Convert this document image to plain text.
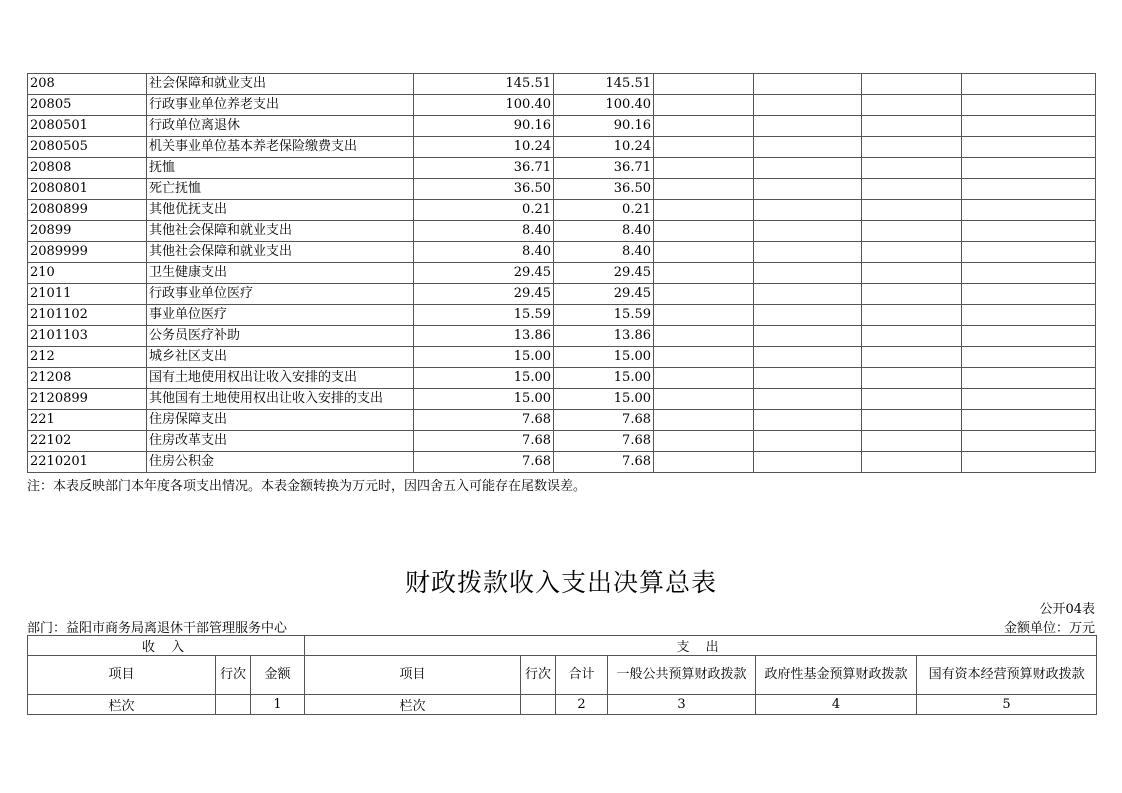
208	社会保障和就业支出	145.51	145.51				
20805	行政事业单位养老支出	100.40	100.40				
2080501	行政单位离退休	90.16	90.16				
2080505	机关事业单位基本养老保险缴费支出	10.24	10.24				
20808	抚恤	36.71	36.71				
2080801	死亡抚恤	36.50	36.50				
2080899	其他优抚支出	0.21	0.21				
20899	其他社会保障和就业支出	8.40	8.40				
2089999	其他社会保障和就业支出	8.40	8.40				
210	卫生健康支出	29.45	29.45				
21011	行政事业单位医疗	29.45	29.45				
2101102	事业单位医疗	15.59	15.59				
2101103	公务员医疗补助	13.86	13.86				
212	城乡社区支出	15.00	15.00				
21208	国有土地使用权出让收入安排的支出	15.00	15.00				
2120899	其他国有土地使用权出让收入安排的支出	15.00	15.00				
221	住房保障支出	7.68	7.68				
22102	住房改革支出	7.68	7.68				
2210201	住房公积金	7.68	7.68				
注：本表反映部门本年度各项支出情况。本表金额转换为万元时，因四舍五入可能存在尾数误差。
财政拨款收入支出决算总表
公开04表
部门：益阳市商务局离退休干部管理服务中心	金额单位：万元
收 入			支 出					
项目	行次	金额	项目	行次	合计	一般公共预算财政拨款	政府性基金预算财政拨款	国有资本经营预算财政拨款
栏次		1	栏次		2	3	4	5
